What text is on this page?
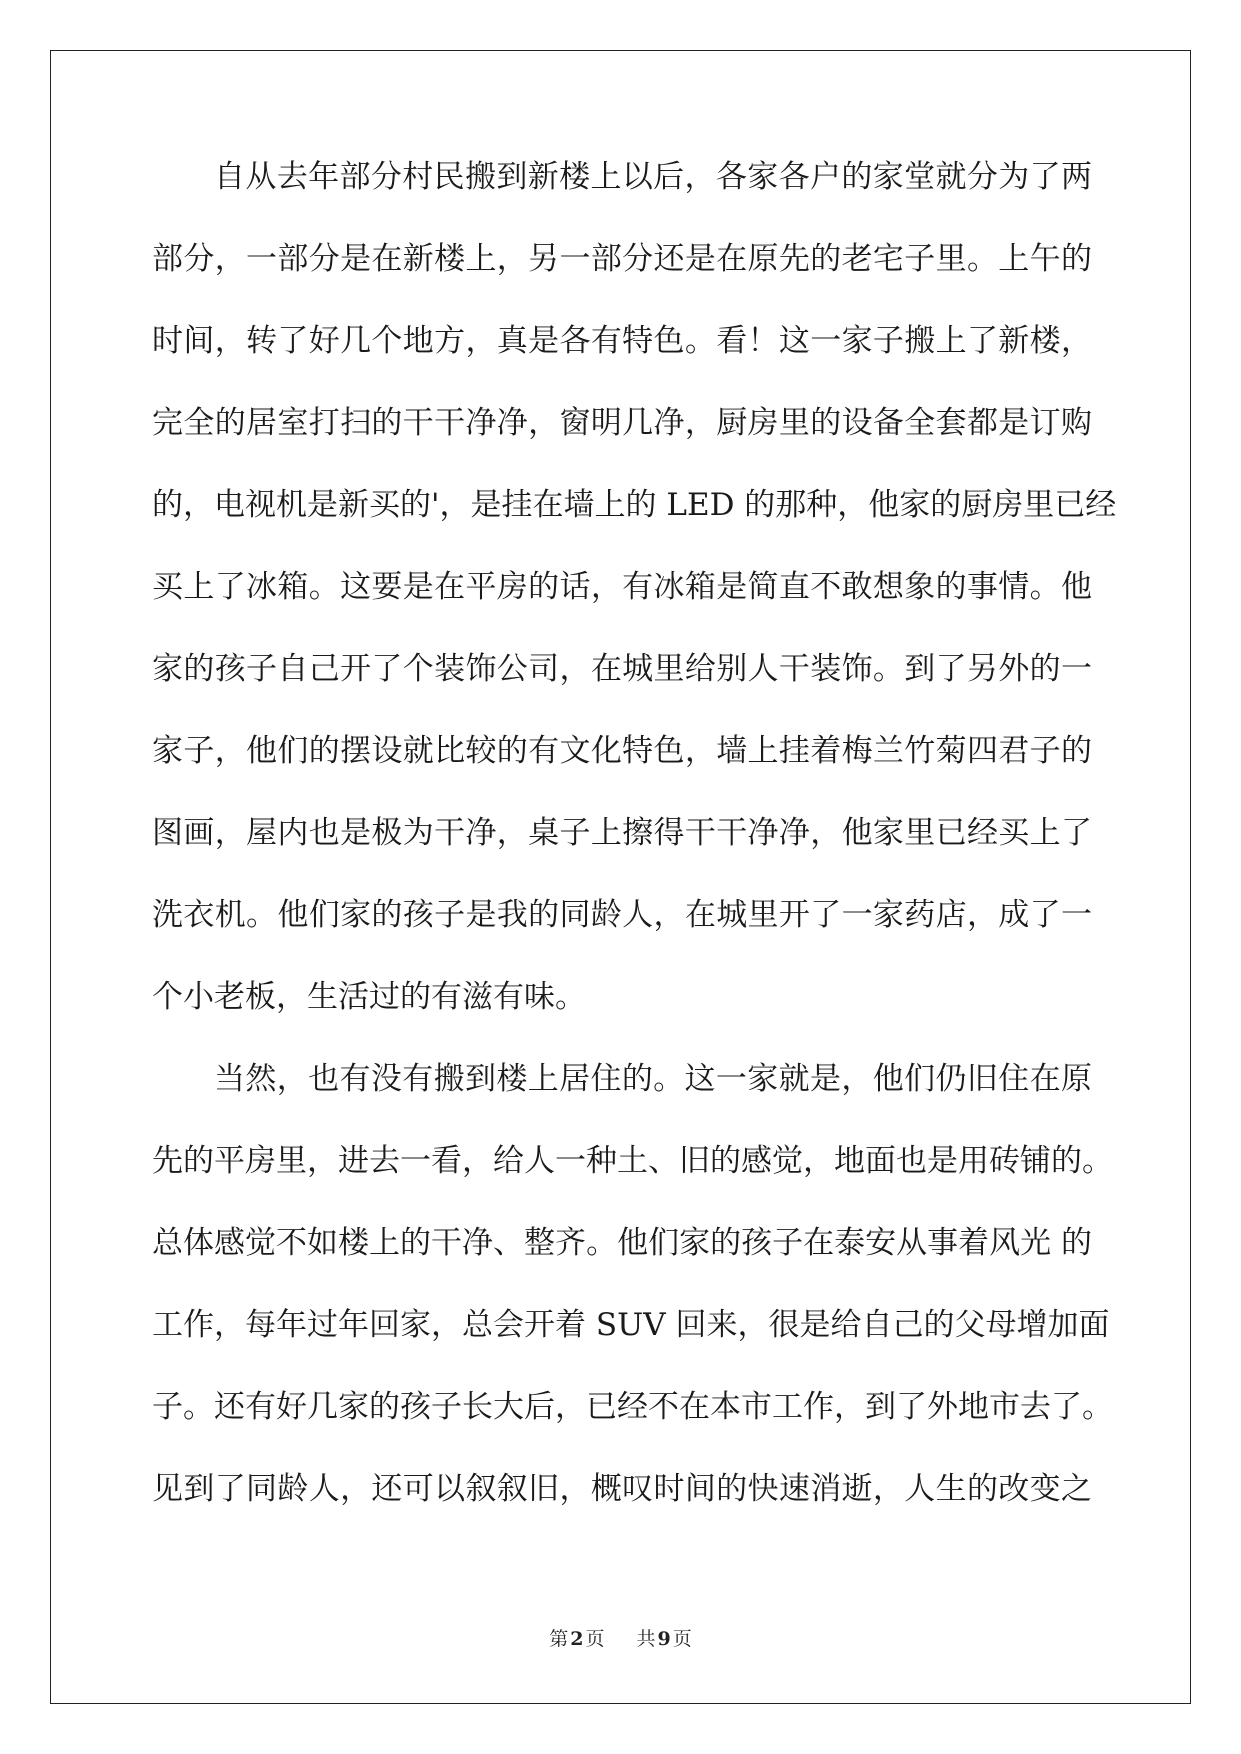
自从去年部分村民搬到新楼上以后，各家各户的家堂就分为了两
部分，一部分是在新楼上，另一部分还是在原先的老宅子里。上午的
时间，转了好几个地方，真是各有特色。看！这一家子搬上了新楼，
完全的居室打扫的干干净净，窗明几净，厨房里的设备全套都是订购
的，电视机是新买的'，是挂在墙上的 LED 的那种，他家的厨房里已经
买上了冰箱。这要是在平房的话，有冰箱是简直不敢想象的事情。他
家的孩子自己开了个装饰公司，在城里给别人干装饰。到了另外的一
家子，他们的摆设就比较的有文化特色，墙上挂着梅兰竹菊四君子的
图画，屋内也是极为干净，桌子上擦得干干净净，他家里已经买上了
洗衣机。他们家的孩子是我的同龄人，在城里开了一家药店，成了一
个小老板，生活过的有滋有味。
当然，也有没有搬到楼上居住的。这一家就是，他们仍旧住在原
先的平房里，进去一看，给人一种土、旧的感觉，地面也是用砖铺的。
总体感觉不如楼上的干净、整齐。他们家的孩子在泰安从事着风光 的
工作，每年过年回家，总会开着 SUV 回来，很是给自己的父母增加面
子。还有好几家的孩子长大后，已经不在本市工作，到了外地市去了。
见到了同龄人，还可以叙叙旧，概叹时间的快速消逝，人生的改变之
第 2 页 共 9 页
